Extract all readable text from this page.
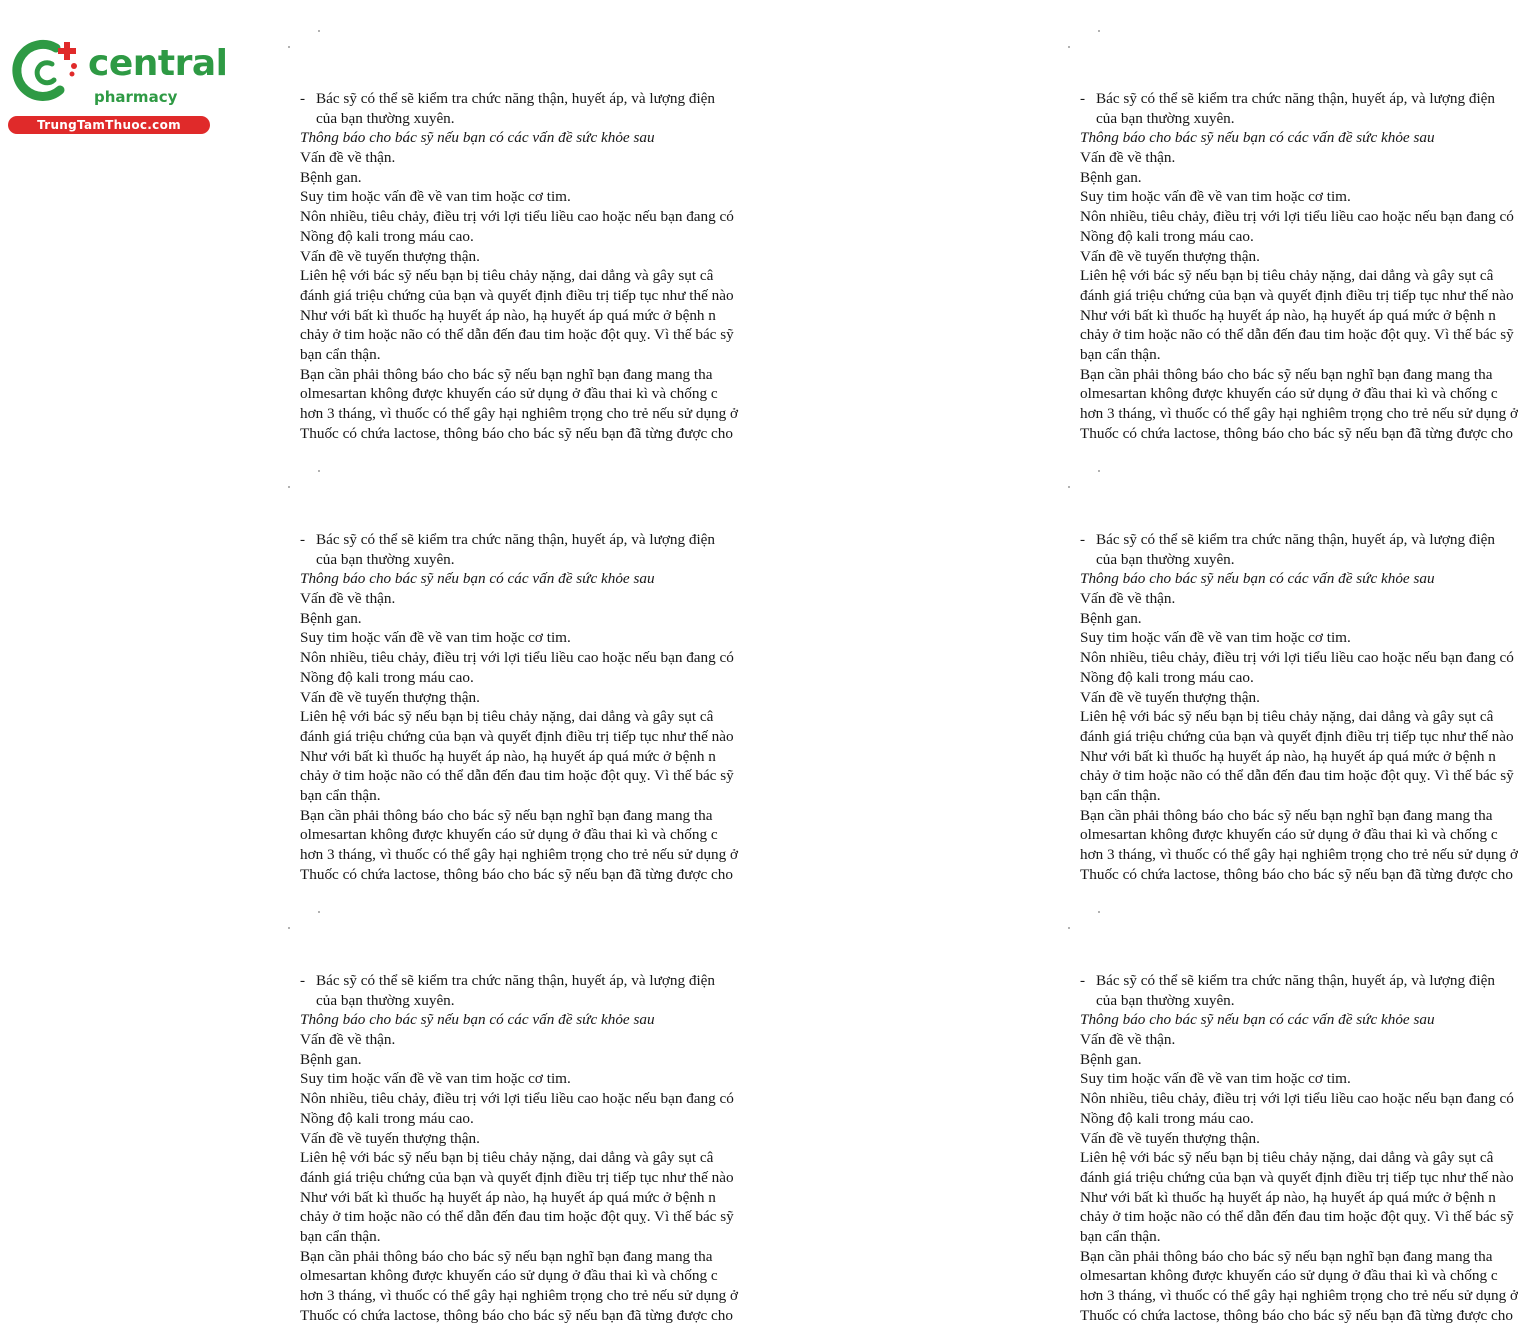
central
pharmacy
TrungTamThuoc.com
- Bác sỹ có thể sẽ kiểm tra chức năng thận, huyết áp, và lượng điện
của bạn thường xuyên.
Thông báo cho bác sỹ nếu bạn có các vấn đề sức khỏe sau
Vấn đề về thận.
Bệnh gan.
Suy tim hoặc vấn đề về van tim hoặc cơ tim.
Nôn nhiều, tiêu chảy, điều trị với lợi tiểu liều cao hoặc nếu bạn đang có
Nồng độ kali trong máu cao.
Vấn đề về tuyến thượng thận.
Liên hệ với bác sỹ nếu bạn bị tiêu chảy nặng, dai dẳng và gây sụt câ
đánh giá triệu chứng của bạn và quyết định điều trị tiếp tục như thế nào
Như với bất kì thuốc hạ huyết áp nào, hạ huyết áp quá mức ở bệnh n
chảy ở tim hoặc não có thể dẫn đến đau tim hoặc đột quỵ. Vì thế bác sỹ
bạn cẩn thận.
Bạn cần phải thông báo cho bác sỹ nếu bạn nghĩ bạn đang mang tha
olmesartan không được khuyến cáo sử dụng ở đầu thai kì và chống c
hơn 3 tháng, vì thuốc có thể gây hại nghiêm trọng cho trẻ nếu sử dụng ở
Thuốc có chứa lactose, thông báo cho bác sỹ nếu bạn đã từng được cho
- Bác sỹ có thể sẽ kiểm tra chức năng thận, huyết áp, và lượng điện
của bạn thường xuyên.
Thông báo cho bác sỹ nếu bạn có các vấn đề sức khỏe sau
Vấn đề về thận.
Bệnh gan.
Suy tim hoặc vấn đề về van tim hoặc cơ tim.
Nôn nhiều, tiêu chảy, điều trị với lợi tiểu liều cao hoặc nếu bạn đang có
Nồng độ kali trong máu cao.
Vấn đề về tuyến thượng thận.
Liên hệ với bác sỹ nếu bạn bị tiêu chảy nặng, dai dẳng và gây sụt câ
đánh giá triệu chứng của bạn và quyết định điều trị tiếp tục như thế nào
Như với bất kì thuốc hạ huyết áp nào, hạ huyết áp quá mức ở bệnh n
chảy ở tim hoặc não có thể dẫn đến đau tim hoặc đột quỵ. Vì thế bác sỹ
bạn cẩn thận.
Bạn cần phải thông báo cho bác sỹ nếu bạn nghĩ bạn đang mang tha
olmesartan không được khuyến cáo sử dụng ở đầu thai kì và chống c
hơn 3 tháng, vì thuốc có thể gây hại nghiêm trọng cho trẻ nếu sử dụng ở
Thuốc có chứa lactose, thông báo cho bác sỹ nếu bạn đã từng được cho
- Bác sỹ có thể sẽ kiểm tra chức năng thận, huyết áp, và lượng điện
của bạn thường xuyên.
Thông báo cho bác sỹ nếu bạn có các vấn đề sức khỏe sau
Vấn đề về thận.
Bệnh gan.
Suy tim hoặc vấn đề về van tim hoặc cơ tim.
Nôn nhiều, tiêu chảy, điều trị với lợi tiểu liều cao hoặc nếu bạn đang có
Nồng độ kali trong máu cao.
Vấn đề về tuyến thượng thận.
Liên hệ với bác sỹ nếu bạn bị tiêu chảy nặng, dai dẳng và gây sụt câ
đánh giá triệu chứng của bạn và quyết định điều trị tiếp tục như thế nào
Như với bất kì thuốc hạ huyết áp nào, hạ huyết áp quá mức ở bệnh n
chảy ở tim hoặc não có thể dẫn đến đau tim hoặc đột quỵ. Vì thế bác sỹ
bạn cẩn thận.
Bạn cần phải thông báo cho bác sỹ nếu bạn nghĩ bạn đang mang tha
olmesartan không được khuyến cáo sử dụng ở đầu thai kì và chống c
hơn 3 tháng, vì thuốc có thể gây hại nghiêm trọng cho trẻ nếu sử dụng ở
Thuốc có chứa lactose, thông báo cho bác sỹ nếu bạn đã từng được cho
- Bác sỹ có thể sẽ kiểm tra chức năng thận, huyết áp, và lượng điện
của bạn thường xuyên.
Thông báo cho bác sỹ nếu bạn có các vấn đề sức khỏe sau
Vấn đề về thận.
Bệnh gan.
Suy tim hoặc vấn đề về van tim hoặc cơ tim.
Nôn nhiều, tiêu chảy, điều trị với lợi tiểu liều cao hoặc nếu bạn đang có
Nồng độ kali trong máu cao.
Vấn đề về tuyến thượng thận.
Liên hệ với bác sỹ nếu bạn bị tiêu chảy nặng, dai dẳng và gây sụt câ
đánh giá triệu chứng của bạn và quyết định điều trị tiếp tục như thế nào
Như với bất kì thuốc hạ huyết áp nào, hạ huyết áp quá mức ở bệnh n
chảy ở tim hoặc não có thể dẫn đến đau tim hoặc đột quỵ. Vì thế bác sỹ
bạn cẩn thận.
Bạn cần phải thông báo cho bác sỹ nếu bạn nghĩ bạn đang mang tha
olmesartan không được khuyến cáo sử dụng ở đầu thai kì và chống c
hơn 3 tháng, vì thuốc có thể gây hại nghiêm trọng cho trẻ nếu sử dụng ở
Thuốc có chứa lactose, thông báo cho bác sỹ nếu bạn đã từng được cho
- Bác sỹ có thể sẽ kiểm tra chức năng thận, huyết áp, và lượng điện
của bạn thường xuyên.
Thông báo cho bác sỹ nếu bạn có các vấn đề sức khỏe sau
Vấn đề về thận.
Bệnh gan.
Suy tim hoặc vấn đề về van tim hoặc cơ tim.
Nôn nhiều, tiêu chảy, điều trị với lợi tiểu liều cao hoặc nếu bạn đang có
Nồng độ kali trong máu cao.
Vấn đề về tuyến thượng thận.
Liên hệ với bác sỹ nếu bạn bị tiêu chảy nặng, dai dẳng và gây sụt câ
đánh giá triệu chứng của bạn và quyết định điều trị tiếp tục như thế nào
Như với bất kì thuốc hạ huyết áp nào, hạ huyết áp quá mức ở bệnh n
chảy ở tim hoặc não có thể dẫn đến đau tim hoặc đột quỵ. Vì thế bác sỹ
bạn cẩn thận.
Bạn cần phải thông báo cho bác sỹ nếu bạn nghĩ bạn đang mang tha
olmesartan không được khuyến cáo sử dụng ở đầu thai kì và chống c
hơn 3 tháng, vì thuốc có thể gây hại nghiêm trọng cho trẻ nếu sử dụng ở
Thuốc có chứa lactose, thông báo cho bác sỹ nếu bạn đã từng được cho
- Bác sỹ có thể sẽ kiểm tra chức năng thận, huyết áp, và lượng điện
của bạn thường xuyên.
Thông báo cho bác sỹ nếu bạn có các vấn đề sức khỏe sau
Vấn đề về thận.
Bệnh gan.
Suy tim hoặc vấn đề về van tim hoặc cơ tim.
Nôn nhiều, tiêu chảy, điều trị với lợi tiểu liều cao hoặc nếu bạn đang có
Nồng độ kali trong máu cao.
Vấn đề về tuyến thượng thận.
Liên hệ với bác sỹ nếu bạn bị tiêu chảy nặng, dai dẳng và gây sụt câ
đánh giá triệu chứng của bạn và quyết định điều trị tiếp tục như thế nào
Như với bất kì thuốc hạ huyết áp nào, hạ huyết áp quá mức ở bệnh n
chảy ở tim hoặc não có thể dẫn đến đau tim hoặc đột quỵ. Vì thế bác sỹ
bạn cẩn thận.
Bạn cần phải thông báo cho bác sỹ nếu bạn nghĩ bạn đang mang tha
olmesartan không được khuyến cáo sử dụng ở đầu thai kì và chống c
hơn 3 tháng, vì thuốc có thể gây hại nghiêm trọng cho trẻ nếu sử dụng ở
Thuốc có chứa lactose, thông báo cho bác sỹ nếu bạn đã từng được cho
